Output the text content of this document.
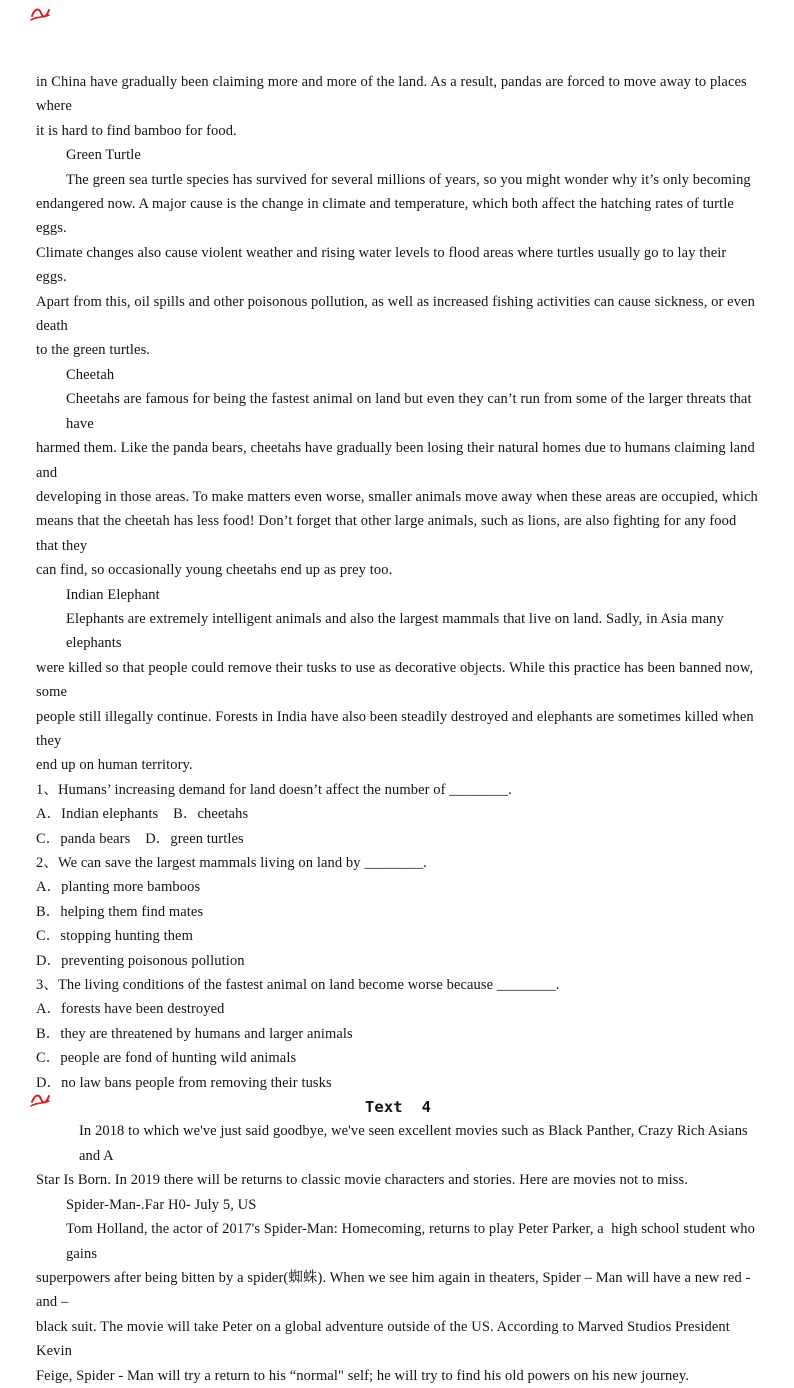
in China have gradually been claiming more and more of the land. As a result, pandas are forced to move away to places where
it is hard to find bamboo for food.
Green Turtle
The green sea turtle species has survived for several millions of years, so you might wonder why it’s only becoming
endangered now. A major cause is the change in climate and temperature, which both affect the hatching rates of turtle eggs.
Climate changes also cause violent weather and rising water levels to flood areas where turtles usually go to lay their eggs.
Apart from this, oil spills and other poisonous pollution, as well as increased fishing activities can cause sickness, or even death
to the green turtles.
Cheetah
Cheetahs are famous for being the fastest animal on land but even they can’t run from some of the larger threats that have
harmed them. Like the panda bears, cheetahs have gradually been losing their natural homes due to humans claiming land and
developing in those areas. To make matters even worse, smaller animals move away when these areas are occupied, which
means that the cheetah has less food! Don’t forget that other large animals, such as lions, are also fighting for any food that they
can find, so occasionally young cheetahs end up as prey too.
Indian Elephant
Elephants are extremely intelligent animals and also the largest mammals that live on land. Sadly, in Asia many elephants
were killed so that people could remove their tusks to use as decorative objects. While this practice has been banned now, some
people still illegally continue. Forests in India have also been steadily destroyed and elephants are sometimes killed when they
end up on human territory.
1、Humans’ increasing demand for land doesn’t affect the number of ________.
A．Indian elephants    B．cheetahs
C．panda bears    D．green turtles
2、We can save the largest mammals living on land by ________.
A．planting more bamboos
B．helping them find mates
C．stopping hunting them
D．preventing poisonous pollution
3、The living conditions of the fastest animal on land become worse because ________.
A．forests have been destroyed
B．they are threatened by humans and larger animals
C．people are fond of hunting wild animals
D．no law bans people from removing their tusks
Text  4
In 2018 to which we've just said goodbye, we've seen excellent movies such as Black Panther, Crazy Rich Asians and A
Star Is Born. In 2019 there will be returns to classic movie characters and stories. Here are movies not to miss.
Spider-Man-.Far H0- July 5, US
Tom Holland, the actor of 2017's Spider-Man: Homecoming, returns to play Peter Parker, a  high school student who gains
superpowers after being bitten by a spider(蜘蛛). When we see him again in theaters, Spider – Man will have a new red - and –
black suit. The movie will take Peter on a global adventure outside of the US. According to Marved Studios President Kevin
Feige, Spider - Man will try a return to his “normal" self; he will try to find his old powers on his new journey.
